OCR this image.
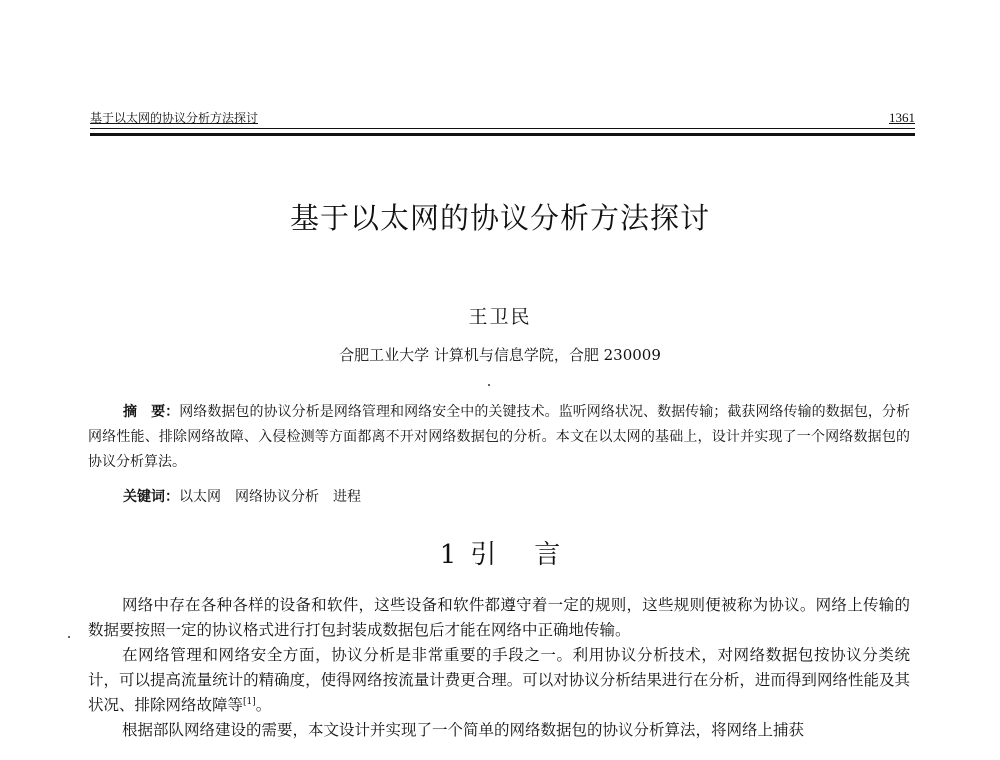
基于以太网的协议分析方法探讨	1361
基于以太网的协议分析方法探讨
王卫民
合肥工业大学 计算机与信息学院，合肥 230009

摘　要：网络数据包的协议分析是网络管理和网络安全中的关键技术。监听网络状况、数据传输；截获网络传输的数据包，分析网络性能、排除网络故障、入侵检测等方面都离不开对网络数据包的分析。本文在以太网的基础上，设计并实现了一个网络数据包的协议分析算法。

关键词：以太网　网络协议分析　进程
1 引言

网络中存在各种各样的设备和软件，这些设备和软件都遵守着一定的规则，这些规则便被称为协议。网络上传输的数据要按照一定的协议格式进行打包封装成数据包后才能在网络中正确地传输。

在网络管理和网络安全方面，协议分析是非常重要的手段之一。利用协议分析技术，对网络数据包按协议分类统计，可以提高流量统计的精确度，使得网络按流量计费更合理。可以对协议分析结果进行在分析，进而得到网络性能及其状况、排除网络故障等[1]。

根据部队网络建设的需要，本文设计并实现了一个简单的网络数据包的协议分析算法，将网络上捕获
